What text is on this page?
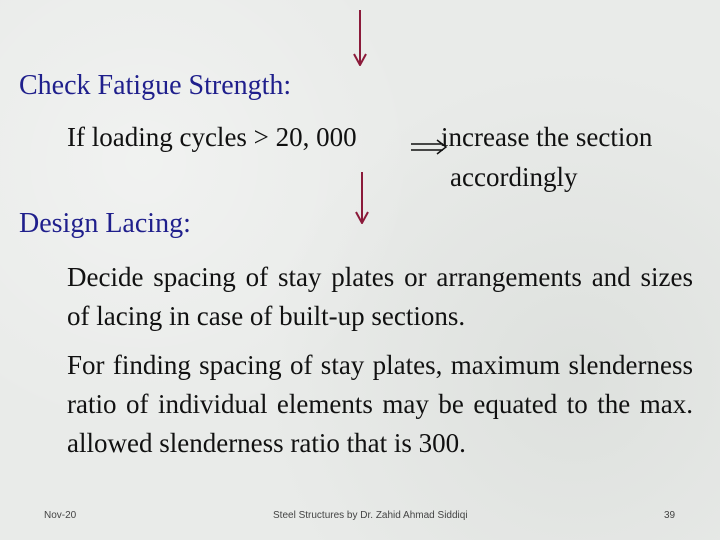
Check Fatigue Strength:
If loading cycles > 20, 000	increase the section
accordingly
Design Lacing:
Decide spacing of stay plates or arrangements and sizes of lacing in case of built-up sections.
For finding spacing of stay plates, maximum slenderness ratio of individual elements may be equated to the max. allowed slenderness ratio that is 300.
Nov-20	Steel Structures by Dr. Zahid Ahmad Siddiqi	39
